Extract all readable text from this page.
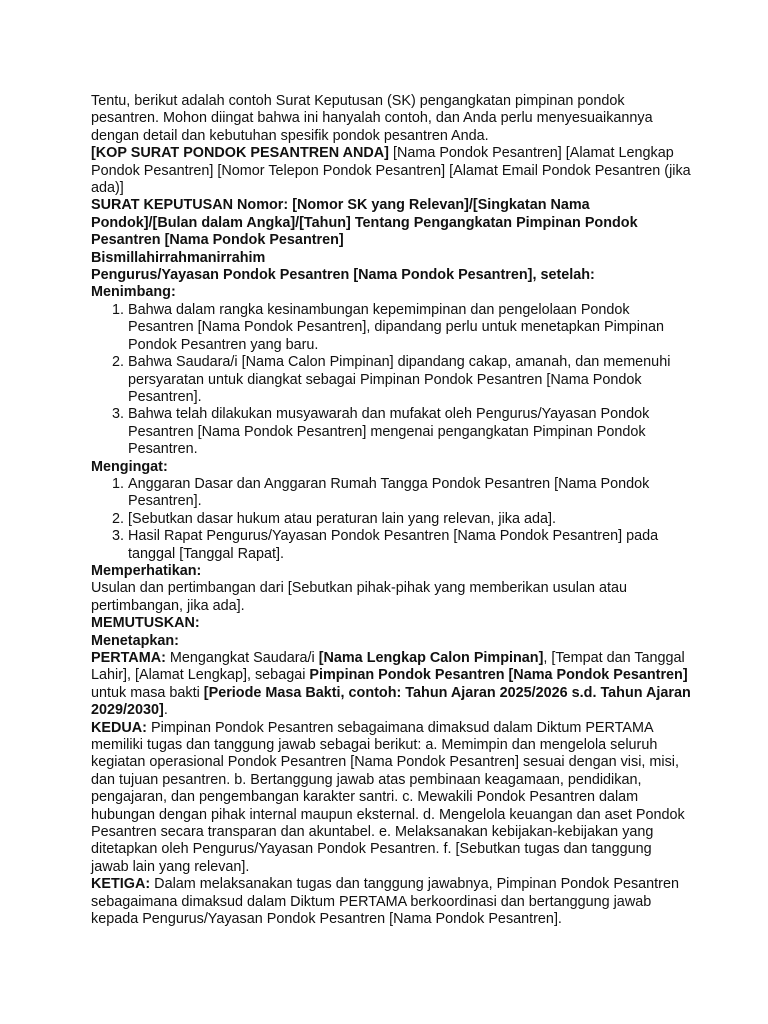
Tentu, berikut adalah contoh Surat Keputusan (SK) pengangkatan pimpinan pondok pesantren. Mohon diingat bahwa ini hanyalah contoh, dan Anda perlu menyesuaikannya dengan detail dan kebutuhan spesifik pondok pesantren Anda.

[KOP SURAT PONDOK PESANTREN ANDA] [Nama Pondok Pesantren] [Alamat Lengkap Pondok Pesantren] [Nomor Telepon Pondok Pesantren] [Alamat Email Pondok Pesantren (jika ada)]

SURAT KEPUTUSAN Nomor: [Nomor SK yang Relevan]/[Singkatan Nama Pondok]/[Bulan dalam Angka]/[Tahun] Tentang Pengangkatan Pimpinan Pondok Pesantren [Nama Pondok Pesantren]

Bismillahirrahmanirrahim

Pengurus/Yayasan Pondok Pesantren [Nama Pondok Pesantren], setelah:

Menimbang:

1. Bahwa dalam rangka kesinambungan kepemimpinan dan pengelolaan Pondok Pesantren [Nama Pondok Pesantren], dipandang perlu untuk menetapkan Pimpinan Pondok Pesantren yang baru.
2. Bahwa Saudara/i [Nama Calon Pimpinan] dipandang cakap, amanah, dan memenuhi persyaratan untuk diangkat sebagai Pimpinan Pondok Pesantren [Nama Pondok Pesantren].
3. Bahwa telah dilakukan musyawarah dan mufakat oleh Pengurus/Yayasan Pondok Pesantren [Nama Pondok Pesantren] mengenai pengangkatan Pimpinan Pondok Pesantren.

Mengingat:

1. Anggaran Dasar dan Anggaran Rumah Tangga Pondok Pesantren [Nama Pondok Pesantren].
2. [Sebutkan dasar hukum atau peraturan lain yang relevan, jika ada].
3. Hasil Rapat Pengurus/Yayasan Pondok Pesantren [Nama Pondok Pesantren] pada tanggal [Tanggal Rapat].

Memperhatikan:

Usulan dan pertimbangan dari [Sebutkan pihak-pihak yang memberikan usulan atau pertimbangan, jika ada].

MEMUTUSKAN:

Menetapkan:

PERTAMA: Mengangkat Saudara/i [Nama Lengkap Calon Pimpinan], [Tempat dan Tanggal Lahir], [Alamat Lengkap], sebagai Pimpinan Pondok Pesantren [Nama Pondok Pesantren] untuk masa bakti [Periode Masa Bakti, contoh: Tahun Ajaran 2025/2026 s.d. Tahun Ajaran 2029/2030].

KEDUA: Pimpinan Pondok Pesantren sebagaimana dimaksud dalam Diktum PERTAMA memiliki tugas dan tanggung jawab sebagai berikut: a. Memimpin dan mengelola seluruh kegiatan operasional Pondok Pesantren [Nama Pondok Pesantren] sesuai dengan visi, misi, dan tujuan pesantren. b. Bertanggung jawab atas pembinaan keagamaan, pendidikan, pengajaran, dan pengembangan karakter santri. c. Mewakili Pondok Pesantren dalam hubungan dengan pihak internal maupun eksternal. d. Mengelola keuangan dan aset Pondok Pesantren secara transparan dan akuntabel. e. Melaksanakan kebijakan-kebijakan yang ditetapkan oleh Pengurus/Yayasan Pondok Pesantren. f. [Sebutkan tugas dan tanggung jawab lain yang relevan].

KETIGA: Dalam melaksanakan tugas dan tanggung jawabnya, Pimpinan Pondok Pesantren sebagaimana dimaksud dalam Diktum PERTAMA berkoordinasi dan bertanggung jawab kepada Pengurus/Yayasan Pondok Pesantren [Nama Pondok Pesantren].
